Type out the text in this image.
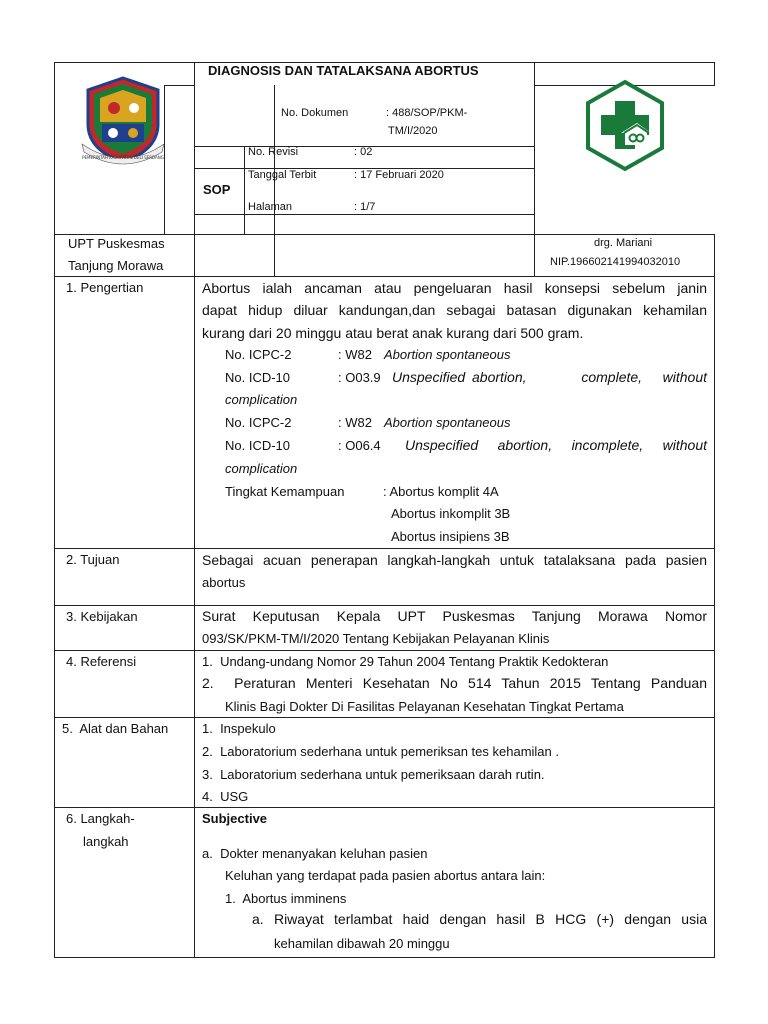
PEMERINTAH KABUPATEN DELI SERDANG
DIAGNOSIS DAN TATALAKSANA ABORTUS
No. Dokumen	: 488/SOP/PKM-
TM/I/2020
No. Revisi	: 02
SOP
Tanggal Terbit	: 17 Februari 2020
Halaman	: 1/7
UPT Puskesmas
Tanjung Morawa
drg. Mariani
NIP.196602141994032010
1. Pengertian	Abortus ialah ancaman atau pengeluaran hasil konsepsi sebelum janin
dapat hidup diluar kandungan,dan sebagai batasan digunakan kehamilan
kurang dari 20 minggu atau berat anak kurang dari 500 gram.
No. ICPC-2	: W82 Abortion spontaneous
No. ICD-10	: O03.9 Unspecified abortion,        complete,   without
complication
No. ICPC-2	: W82 Abortion spontaneous
No. ICD-10	: O06.4 Unspecified   abortion,   incomplete,   without
complication
Tingkat Kemampuan	: Abortus komplit 4A
Abortus inkomplit 3B
Abortus insipiens 3B
2. Tujuan	Sebagai acuan penerapan langkah-langkah untuk tatalaksana pada pasien
abortus
3. Kebijakan	Surat  Keputusan  Kepala  UPT  Puskesmas  Tanjung  Morawa  Nomor
093/SK/PKM-TM/I/2020 Tentang Kebijakan Pelayanan Klinis
4. Referensi	1.  Undang-undang Nomor 29 Tahun 2004 Tentang Praktik Kedokteran
2.  Peraturan Menteri Kesehatan No 514 Tahun 2015 Tentang Panduan
Klinis Bagi Dokter Di Fasilitas Pelayanan Kesehatan Tingkat Pertama
5.  Alat dan Bahan	1.  Inspekulo
2.  Laboratorium sederhana untuk pemeriksan tes kehamilan .
3.  Laboratorium sederhana untuk pemeriksaan darah rutin.
4.  USG
6. Langkah-
langkah
Subjective
a.  Dokter menanyakan keluhan pasien
Keluhan yang terdapat pada pasien abortus antara lain:
1.  Abortus imminens
a.  Riwayat  terlambat  haid  dengan  hasil  B  HCG  (+)  dengan  usia
kehamilan dibawah 20 minggu
